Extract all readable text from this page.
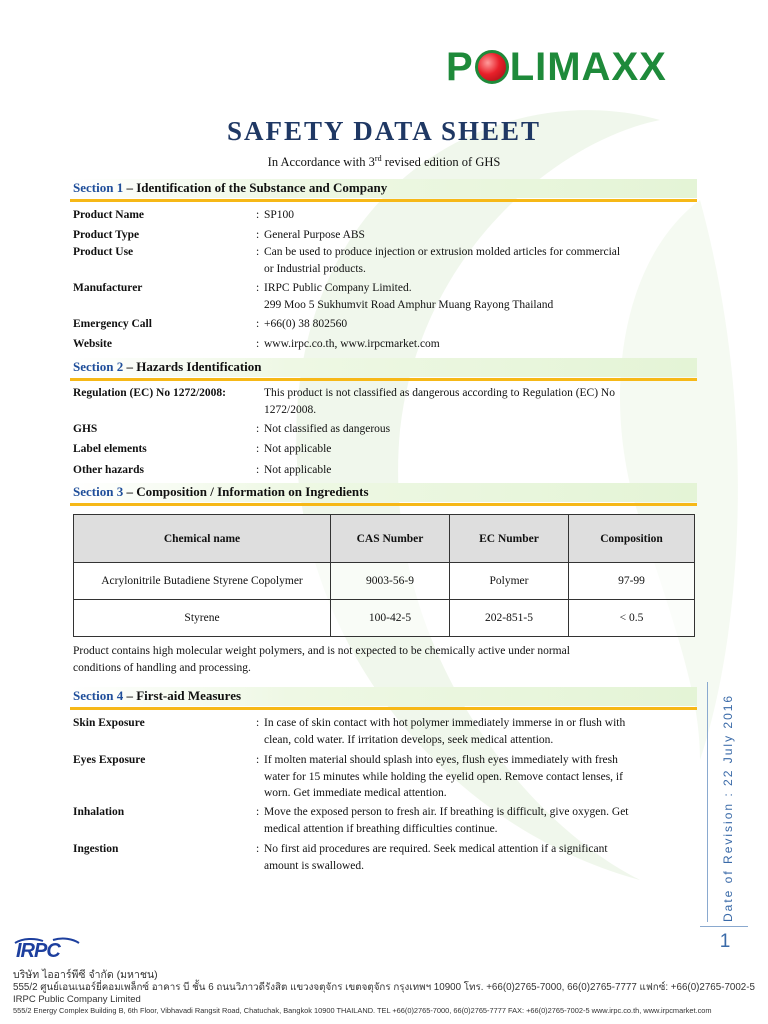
P LIMAXX
SAFETY DATA SHEET
In Accordance with 3rd revised edition of GHS
Section 1 – Identification of the Substance and Company
Product Name	: SP100
Product Type	: General Purpose ABS
Product Use	: Can be used to produce injection or extrusion molded articles for commercial
or Industrial products.
Manufacturer	: IRPC Public Company Limited.
299 Moo 5 Sukhumvit Road Amphur Muang Rayong Thailand
Emergency Call	: +66(0) 38 802560
Website	: www.irpc.co.th, www.irpcmarket.com
Section 2 – Hazards Identification
Regulation (EC) No 1272/2008:	This product is not classified as dangerous according to Regulation (EC) No
1272/2008.
GHS	: Not classified as dangerous
Label elements	: Not applicable
Other hazards	: Not applicable
Section 3 – Composition / Information on Ingredients
Chemical name	CAS Number	EC Number	Composition
Acrylonitrile Butadiene Styrene Copolymer	9003-56-9	Polymer	97-99
Styrene	100-42-5	202-851-5	< 0.5
Product contains high molecular weight polymers, and is not expected to be chemically active under normal
conditions of handling and processing.
Section 4 – First-aid Measures
Skin Exposure	: In case of skin contact with hot polymer immediately immerse in or flush with
clean, cold water. If irritation develops, seek medical attention.
Eyes Exposure	: If molten material should splash into eyes, flush eyes immediately with fresh
water for 15 minutes while holding the eyelid open. Remove contact lenses, if
worn. Get immediate medical attention.
Inhalation	: Move the exposed person to fresh air. If breathing is difficult, give oxygen. Get
medical attention if breathing difficulties continue.
Ingestion	: No first aid procedures are required. Seek medical attention if a significant
amount is swallowed.	Date of Revision : 22 July 2016
1
IRPC
บริษัท ไออาร์พีซี จำกัด (มหาชน)
555/2 ศูนย์เอนเนอร์ยี่คอมเพล็กซ์ อาคาร บี ชั้น 6 ถนนวิภาวดีรังสิต แขวงจตุจักร เขตจตุจักร กรุงเทพฯ 10900 โทร. +66(0)2765-7000, 66(0)2765-7777 แฟกซ์: +66(0)2765-7002-5
IRPC Public Company Limited
555/2 Energy Complex Building B, 6th Floor, Vibhavadi Rangsit Road, Chatuchak, Bangkok 10900 THAILAND. TEL +66(0)2765-7000, 66(0)2765-7777 FAX: +66(0)2765-7002-5 www.irpc.co.th, www.irpcmarket.com
